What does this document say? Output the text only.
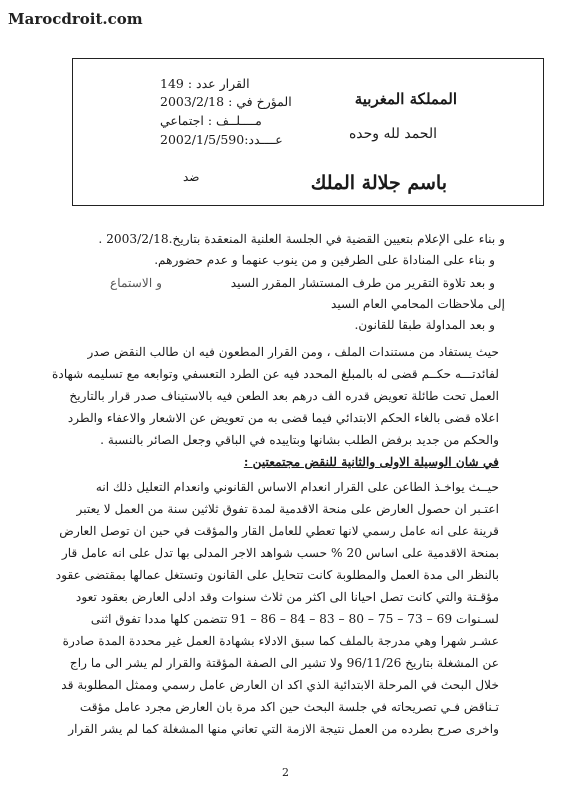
Marocdroit.com
المملكة المغربية
الحمد لله وحده
باسم جلالة الملك
القرار عدد : 149
المؤرخ في : 2003/2/18
مــــلــف : اجتماعي
عــــدد:2002/1/5/590
ضد
و بناء على الإعلام بتعيين القضية في الجلسة العلنية المنعقدة بتاريخ.2003/2/18 .
و بناء على المناداة على الطرفين و من ينوب عنهما و عدم حضورهم.
و بعد تلاوة التقرير من طرف المستشار المقرر السيد
و الاستماع
إلى ملاحظات المحامي العام السيد
و بعد المداولة طبقا للقانون.
حيث يستفاد من مستندات الملف ، ومن القرار المطعون فيه ان طالب النقض صدر
لفائدتـــه حكــم قضى له بالمبلغ المحدد فيه عن الطرد التعسفي وتوابعه مع تسليمه شهادة
العمل تحت طائلة تعويض قدره الف درهم بعد الطعن فيه بالاستيناف صدر قرار بالتاريخ
اعلاه قضى بالغاء الحكم الابتدائي فيما قضى به من تعويض عن الاشعار والاعفاء والطرد
والحكم من جديد برفض الطلب بشانها وبتاييده في الباقي وجعل الصائر بالنسبة .
في شان الوسيلة الاولى والثانية للنقض مجتمعتين :
حيــث يواخـذ الطاعن على القرار انعدام الاساس القانوني وانعدام التعليل ذلك انه
اعتـبر ان حصول العارض على منحة الاقدمية لمدة تفوق ثلاثين سنة من العمل لا يعتبر
قرينة على انه عامل رسمي لانها تعطي للعامل القار والمؤقت في حين ان توصل العارض
بمنحة الاقدمية على اساس 20 % حسب شواهد الاجر المدلى بها تدل على انه عامل قار
بالنظر الى مدة العمل والمطلوبة كانت تتحايل على القانون وتستغل عمالها بمقتضى عقود
مؤقـتة والتي كانت تصل احيانا الى اكثر من ثلاث سنوات وقد ادلى العارض بعقود تعود
لسـنوات 69 – 73 – 75 – 80 – 83 – 84 – 86 – 91 تتضمن كلها مددا تفوق اثنى
عشـر شهرا وهي مدرجة بالملف كما سبق الادلاء بشهادة العمل غير محددة المدة صادرة
عن المشغلة بتاريخ 96/11/26 ولا تشير الى الصفة المؤقتة والقرار لم يشر الى ما راج
خلال البحث في المرحلة الابتدائية الذي اكد ان العارض عامل رسمي وممثل المطلوبة قد
تـناقض فـي تصريحاته في جلسة البحث حين اكد مرة بان العارض مجرد عامل مؤقت
واخرى صرح بطرده من العمل نتيجة الازمة التي تعاني منها المشغلة كما لم يشر القرار
2
